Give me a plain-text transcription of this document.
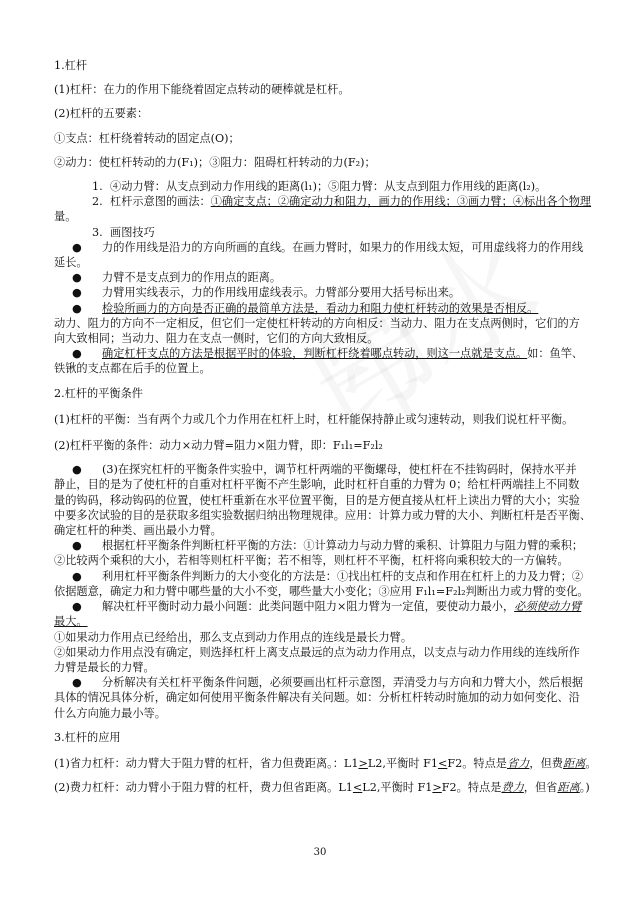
1.杠杆

(1)杠杆：在力的作用下能绕着固定点转动的硬棒就是杠杆。

(2)杠杆的五要素：

①支点：杠杆绕着转动的固定点(O)；

②动力：使杠杆转动的力(F₁)；③阻力：阻碍杠杆转动的力(F₂)；

1. ④动力臂：从支点到动力作用线的距离(l₁)；⑤阻力臂：从支点到阻力作用线的距离(l₂)。
2. 杠杆示意图的画法：①确定支点；②确定动力和阻力，画力的作用线；③画力臂；④标出各个物理

量。

3. 画图技巧

● 力的作用线是沿力的方向所画的直线。在画力臂时，如果力的作用线太短，可用虚线将力的作用线

延长。

● 力臂不是支点到力的作用点的距离。

● 力臂用实线表示，力的作用线用虚线表示。力臂部分要用大括号标出来。

● 检验所画力的方向是否正确的最简单方法是，看动力和阻力使杠杆转动的效果是否相反。

动力、阻力的方向不一定相反，但它们一定使杠杆转动的方向相反：当动力、阻力在支点两侧时，它们的方

向大致相同；当动力、阻力在支点一侧时，它们的方向大致相反。

● 确定杠杆支点的方法是根据平时的体验，判断杠杆绕着哪点转动，则这一点就是支点。如：鱼竿、

铁锹的支点都在后手的位置上。

2.杠杆的平衡条件

(1)杠杆的平衡：当有两个力或几个力作用在杠杆上时，杠杆能保持静止或匀速转动，则我们说杠杆平衡。

(2)杠杆平衡的条件：动力×动力臂=阻力×阻力臂，即：F₁l₁=F₂l₂

● (3)在探究杠杆的平衡条件实验中，调节杠杆两端的平衡螺母，使杠杆在不挂钩码时，保持水平并

静止，目的是为了使杠杆的自重对杠杆平衡不产生影响，此时杠杆自重的力臂为 0；给杠杆两端挂上不同数

量的钩码，移动钩码的位置，使杠杆重新在水平位置平衡，目的是方便直接从杠杆上读出力臂的大小；实验

中要多次试验的目的是获取多组实验数据归纳出物理规律。应用：计算力或力臂的大小、判断杠杆是否平衡、

确定杠杆的种类、画出最小力臂。

● 根据杠杆平衡条件判断杠杆平衡的方法：①计算动力与动力臂的乘积、计算阻力与阻力臂的乘积；

②比较两个乘积的大小，若相等则杠杆平衡；若不相等，则杠杆不平衡，杠杆将向乘积较大的一方偏转。

● 利用杠杆平衡条件判断力的大小变化的方法是：①找出杠杆的支点和作用在杠杆上的力及力臂；②

依据题意，确定力和力臂中哪些量的大小不变，哪些量大小变化；③应用 F₁l₁=F₂l₂判断出力或力臂的变化。

● 解决杠杆平衡时动力最小问题：此类问题中阻力×阻力臂为一定值，要使动力最小，必须使动力臂

最大。

①如果动力作用点已经给出，那么支点到动力作用点的连线是最长力臂。

②如果动力作用点没有确定，则选择杠杆上离支点最远的点为动力作用点，以支点与动力作用线的连线所作

力臂是最长的力臂。

● 分析解决有关杠杆平衡条件问题，必须要画出杠杆示意图，弄清受力与方向和力臂大小，然后根据

具体的情况具体分析，确定如何使用平衡条件解决有关问题。如：分析杠杆转动时施加的动力如何变化、沿

什么方向施力最小等。

3.杠杆的应用

(1)省力杠杆：动力臂大于阻力臂的杠杆，省力但费距离。：L1>L2,平衡时 F1<F2。特点是省力，但费距离。

(2)费力杠杆：动力臂小于阻力臂的杠杆，费力但省距离。L1<L2,平衡时 F1>F2。特点是费力，但省距离。)

30
